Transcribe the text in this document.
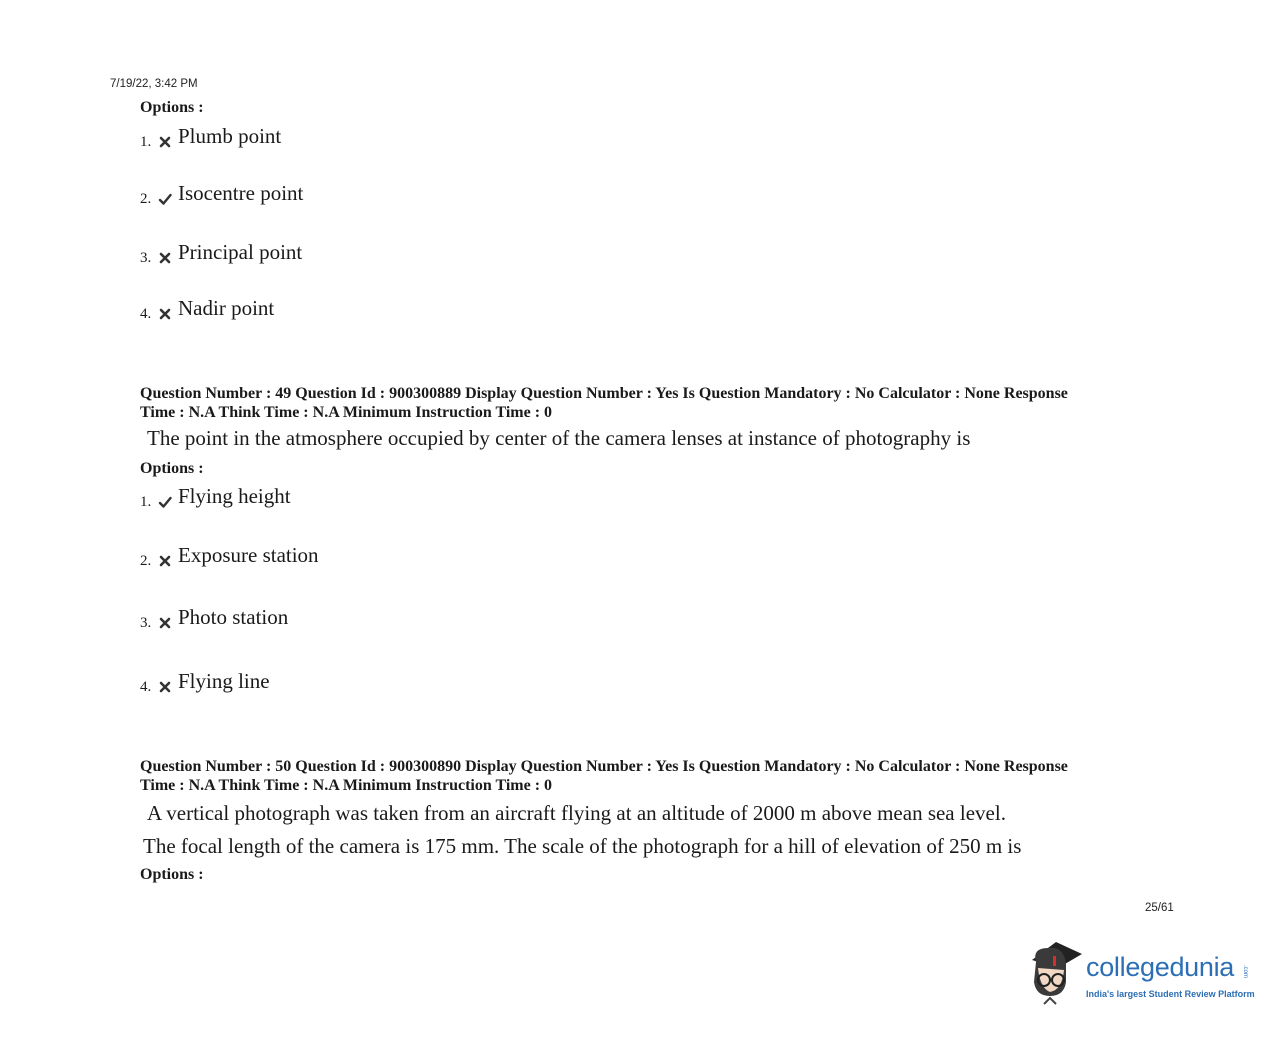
7/19/22, 3:42 PM
Options :
1.	Plumb point
2.	Isocentre point
3.	Principal point
4.	Nadir point
Question Number : 49 Question Id : 900300889 Display Question Number : Yes Is Question Mandatory : No Calculator : None Response
Time : N.A Think Time : N.A Minimum Instruction Time : 0
The point in the atmosphere occupied by center of the camera lenses at instance of photography is
Options :
1.	Flying height
2.	Exposure station
3.	Photo station
4.	Flying line
Question Number : 50 Question Id : 900300890 Display Question Number : Yes Is Question Mandatory : No Calculator : None Response
Time : N.A Think Time : N.A Minimum Instruction Time : 0
A vertical photograph was taken from an aircraft flying at an altitude of 2000 m above mean sea level.
The focal length of the camera is 175 mm. The scale of the photograph for a hill of elevation of 250 m is
Options :
25/61
collegedunia .com
India's largest Student Review Platform
